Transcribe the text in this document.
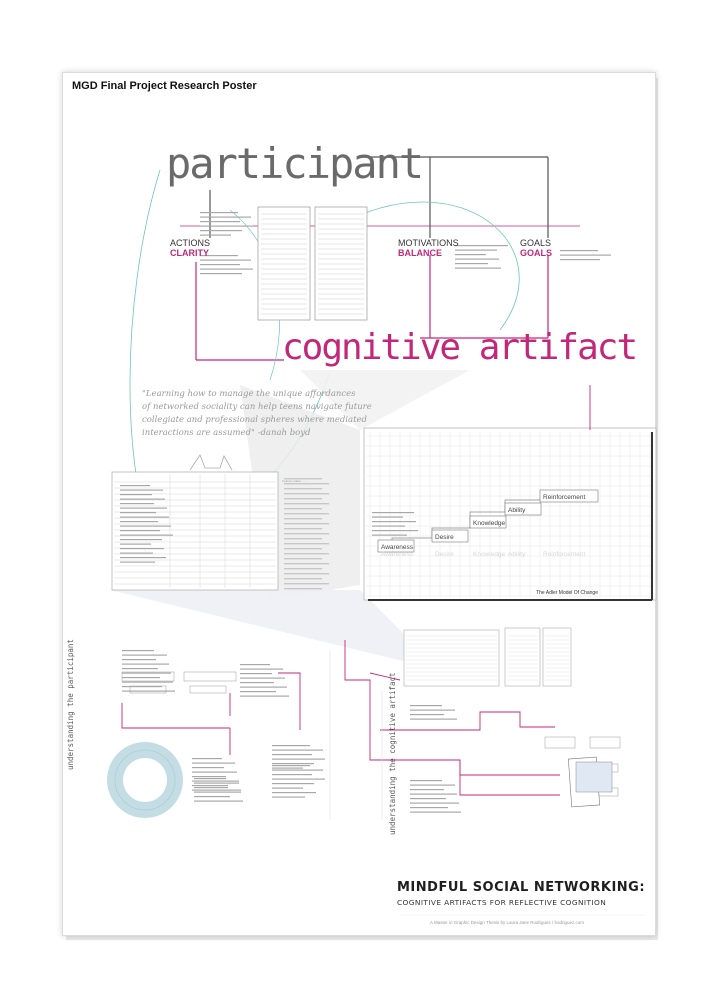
MGD Final Project Research Poster
Column notes ........
Awareness
Awareness
Desire
Desire
Knowledge
Knowledge
Ability
Ability
Reinforcement
Reinforcement
participant
cognitive artifact
ACTIONS
CLARITY
MOTIVATIONS
BALANCE
GOALS
GOALS
"Learning how to manage the unique affordances
of networked sociality can help teens navigate future
collegiate and professional spheres where mediated
interactions are assumed" -danah boyd
The Adler Model Of Change
understanding the participant	understanding the cognitive artifact
MINDFUL SOCIAL NETWORKING:
COGNITIVE ARTIFACTS FOR REFLECTIVE COGNITION
A Master in Graphic Design Thesis by Laura Jane Rodriguez / lrodriguez.com
